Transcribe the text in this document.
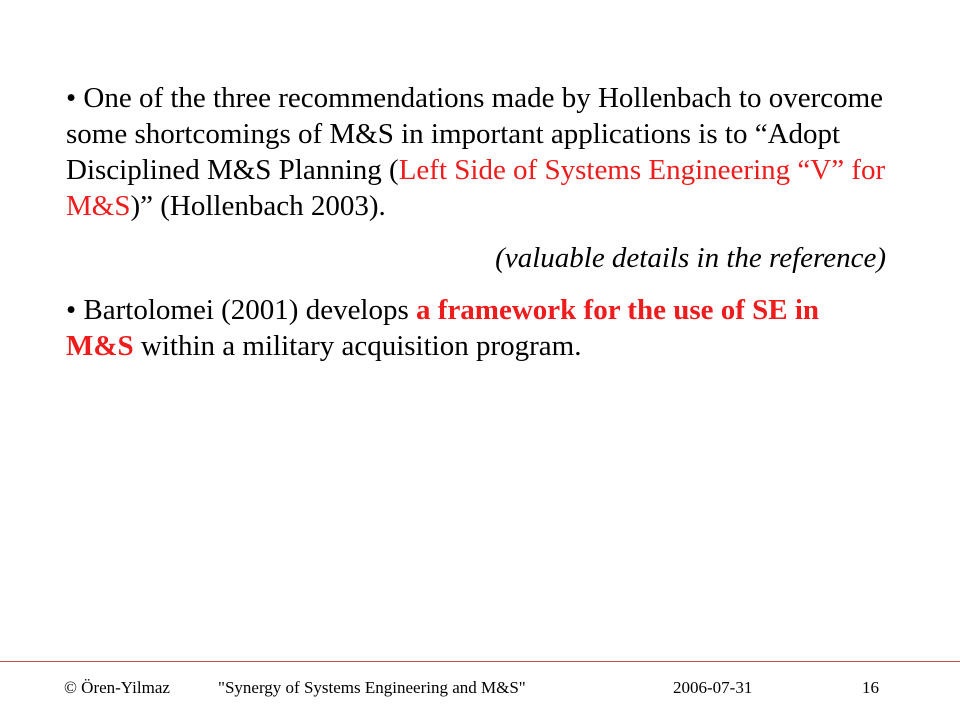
• One of the three recommendations made by Hollenbach to overcome some shortcomings of M&S in important applications is to “Adopt Disciplined M&S Planning (Left Side of Systems Engineering “V” for M&S)” (Hollenbach 2003).

(valuable details in the reference)

• Bartolomei (2001) develops a framework for the use of SE in M&S within a military acquisition program.

© Ören-Yilmaz	"Synergy of Systems Engineering and M&S"	2006-07-31	16
